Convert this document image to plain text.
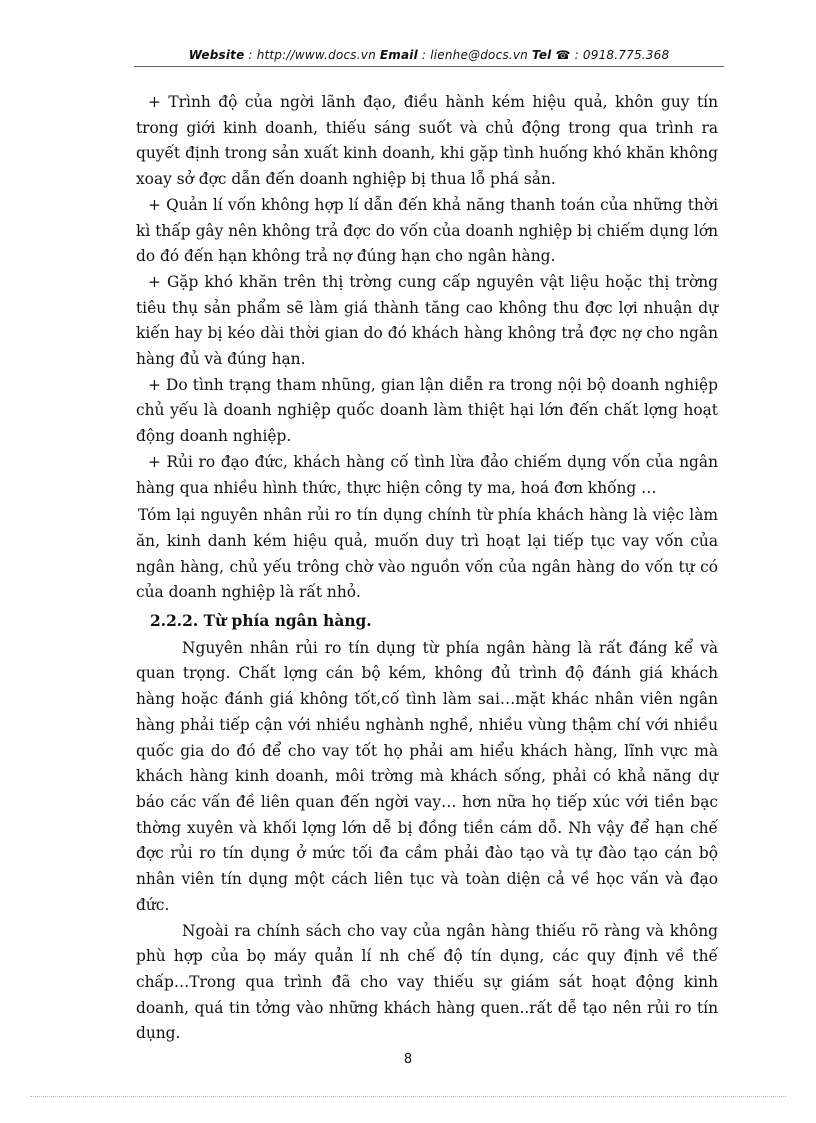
Website : http://www.docs.vn Email : lienhe@docs.vn Tel ☎ : 0918.775.368

+ Trình độ của ngời lãnh đạo, điều hành kém hiệu quả, khôn guy tín trong giới kinh doanh, thiếu sáng suốt và chủ động trong qua trình ra quyết định trong sản xuất kinh doanh, khi gặp tình huống khó khăn không xoay sở đợc dẫn đến doanh nghiệp bị thua lỗ phá sản.

+ Quản lí vốn không hợp lí dẫn đến khả năng thanh toán của những thời kì thấp gây nên không trả đợc do vốn của doanh nghiệp bị chiếm dụng lớn do đó đến hạn không trả nợ đúng hạn cho ngân hàng.

+ Gặp khó khăn trên thị trờng cung cấp nguyên vật liệu hoặc thị trờng tiêu thụ sản phẩm sẽ làm giá thành tăng cao không thu đợc lợi nhuận dự kiến hay bị kéo dài thời gian do đó khách hàng không trả đợc nợ cho ngân hàng đủ và đúng hạn.

+ Do tình trạng tham nhũng, gian lận diễn ra trong nội bộ doanh nghiệp chủ yếu là doanh nghiệp quốc doanh làm thiệt hại lớn đến chất lợng hoạt động doanh nghiệp.

+ Rủi ro đạo đức, khách hàng cố tình lừa đảo chiếm dụng vốn của ngân hàng qua nhiều hình thức, thực hiện công ty ma, hoá đơn khống …

Tóm lại nguyên nhân rủi ro tín dụng chính từ phía khách hàng là việc làm ăn, kinh danh kém hiệu quả, muốn duy trì hoạt lại tiếp tục vay vốn của ngân hàng, chủ yếu trông chờ vào nguồn vốn của ngân hàng do vốn tự có của doanh nghiệp là rất nhỏ.

2.2.2. Từ phía ngân hàng.

Nguyên nhân rủi ro tín dụng từ phía ngân hàng là rất đáng kể và quan trọng. Chất lợng cán bộ kém, không đủ trình độ đánh giá khách hàng hoặc đánh giá không tốt,cố tình làm sai…mặt khác nhân viên ngân hàng phải tiếp cận với nhiều nghành nghề, nhiều vùng thậm chí với nhiều quốc gia do đó để cho vay tốt họ phải am hiểu khách hàng, lĩnh vực mà khách hàng kinh doanh, môi trờng mà khách sống, phải có khả năng dự báo các vấn đề liên quan đến ngời vay… hơn nữa họ tiếp xúc với tiền bạc thờng xuyên và khối lợng lớn dễ bị đồng tiền cám dỗ. Nh vậy để hạn chế đợc rủi ro tín dụng ở mức tối đa cầm phải đào tạo và tự đào tạo cán bộ nhân viên tín dụng một cách liên tục và toàn diện cả về học vấn và đạo đức.

Ngoài ra chính sách cho vay của ngân hàng thiếu rõ ràng và không phù hợp của bọ máy quản lí nh chế độ tín dụng, các quy định về thế chấp…Trong qua trình đã cho vay thiếu sự giám sát hoạt động kinh doanh, quá tin tởng vào những khách hàng quen..rất dễ tạo nên rủi ro tín dụng.

8
